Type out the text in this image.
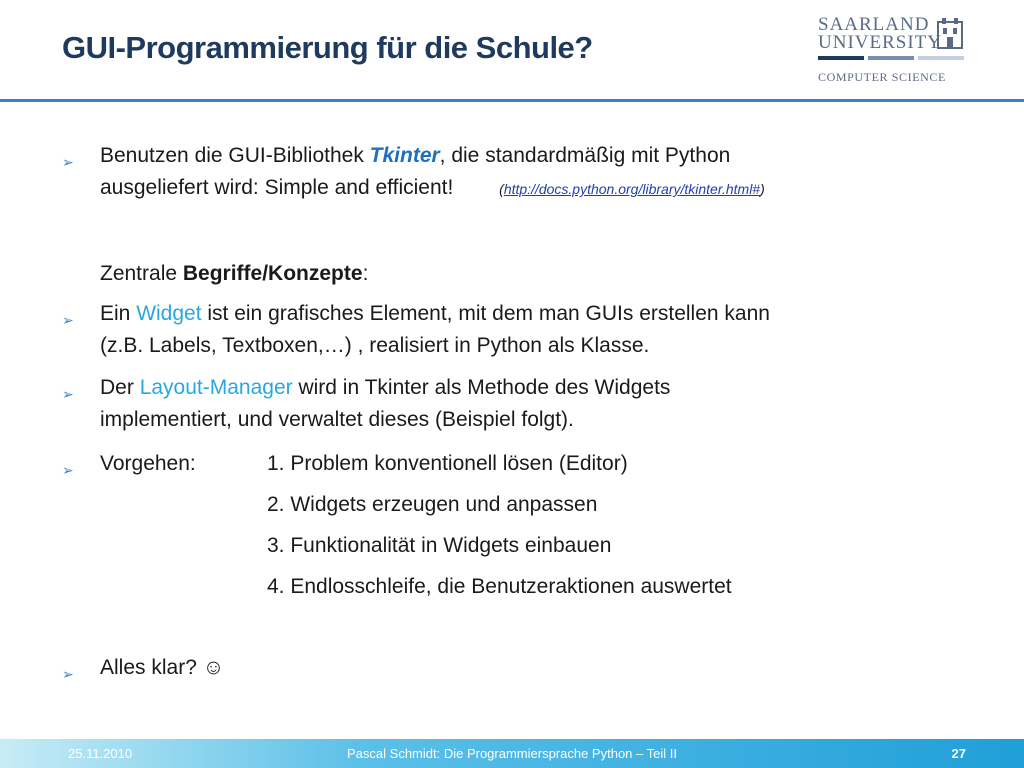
GUI-Programmierung für die Schule?
SAARLAND
UNIVERSITY
COMPUTER SCIENCE
➢ Benutzen die GUI-Bibliothek Tkinter, die standardmäßig mit Python
ausgeliefert wird: Simple and efficient!	(http://docs.python.org/library/tkinter.html#)
Zentrale Begriffe/Konzepte:
➢ Ein Widget ist ein grafisches Element, mit dem man GUIs erstellen kann
(z.B. Labels, Textboxen,…) , realisiert in Python als Klasse.
➢ Der Layout-Manager wird in Tkinter als Methode des Widgets
implementiert, und verwaltet dieses (Beispiel folgt).
➢ Vorgehen:	1. Problem konventionell lösen (Editor)
2. Widgets erzeugen und anpassen
3. Funktionalität in Widgets einbauen
4. Endlosschleife, die Benutzeraktionen auswertet
➢ Alles klar? ☺
25.11.2010	Pascal Schmidt: Die Programmiersprache Python – Teil II	27
